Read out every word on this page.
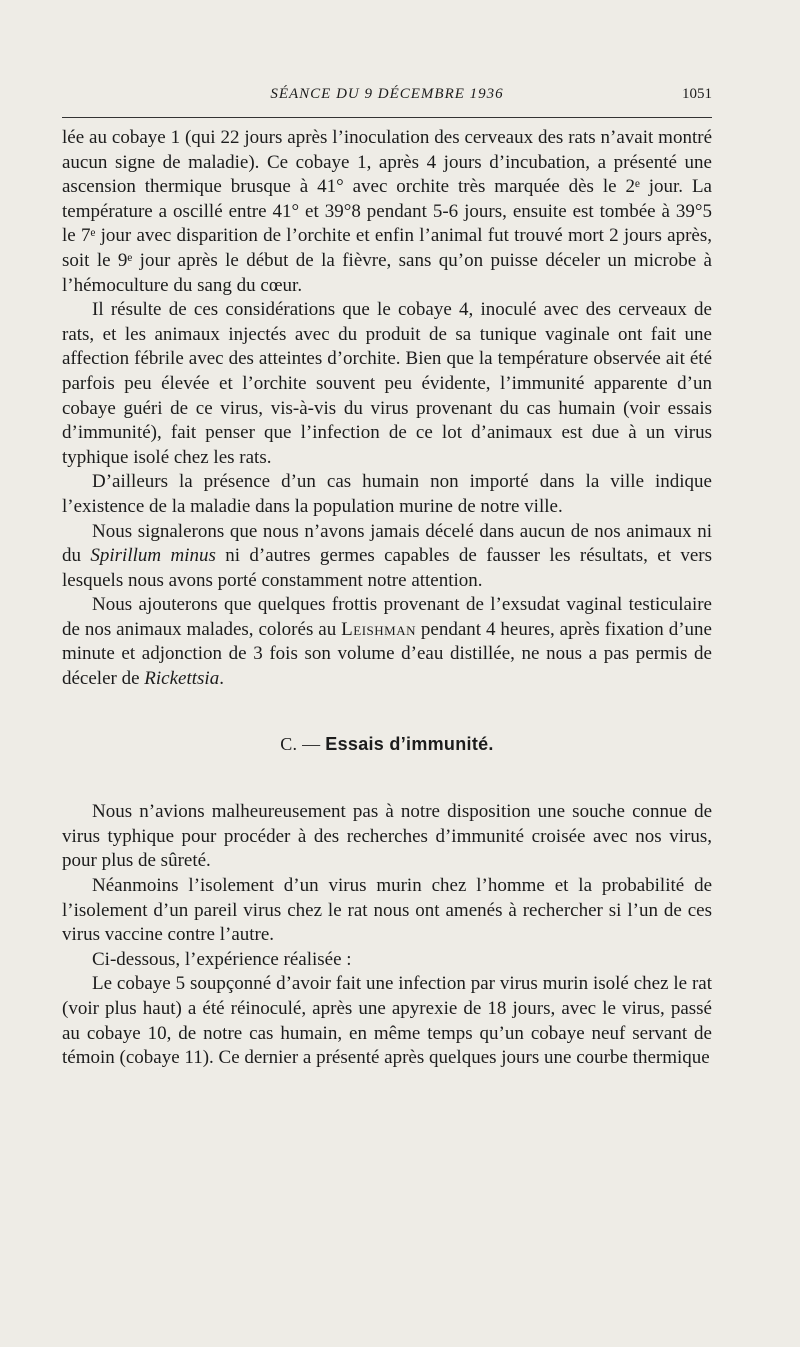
SÉANCE DU 9 DÉCEMBRE 1936	1051

lée au cobaye 1 (qui 22 jours après l’inoculation des cerveaux des rats n’avait montré aucun signe de maladie). Ce cobaye 1, après 4 jours d’incubation, a présenté une ascension thermique brusque à 41° avec orchite très marquée dès le 2ᵉ jour. La température a oscillé entre 41° et 39°8 pendant 5-6 jours, ensuite est tombée à 39°5 le 7ᵉ jour avec disparition de l’orchite et enfin l’animal fut trouvé mort 2 jours après, soit le 9ᵉ jour après le début de la fièvre, sans qu’on puisse déceler un microbe à l’hémoculture du sang du cœur.

Il résulte de ces considérations que le cobaye 4, inoculé avec des cerveaux de rats, et les animaux injectés avec du produit de sa tunique vaginale ont fait une affection fébrile avec des atteintes d’orchite. Bien que la température observée ait été parfois peu élevée et l’orchite souvent peu évidente, l’immunité apparente d’un cobaye guéri de ce virus, vis-à-vis du virus provenant du cas humain (voir essais d’immunité), fait penser que l’infection de ce lot d’animaux est due à un virus typhique isolé chez les rats.

D’ailleurs la présence d’un cas humain non importé dans la ville indique l’existence de la maladie dans la population murine de notre ville.

Nous signalerons que nous n’avons jamais décelé dans aucun de nos animaux ni du Spirillum minus ni d’autres germes capables de fausser les résultats, et vers lesquels nous avons porté constamment notre attention.

Nous ajouterons que quelques frottis provenant de l’exsudat vaginal testiculaire de nos animaux malades, colorés au Leishman pendant 4 heures, après fixation d’une minute et adjonction de 3 fois son volume d’eau distillée, ne nous a pas permis de déceler de Rickettsia.

C. — Essais d’immunité.

Nous n’avions malheureusement pas à notre disposition une souche connue de virus typhique pour procéder à des recherches d’immunité croisée avec nos virus, pour plus de sûreté.

Néanmoins l’isolement d’un virus murin chez l’homme et la probabilité de l’isolement d’un pareil virus chez le rat nous ont amenés à rechercher si l’un de ces virus vaccine contre l’autre.

Ci-dessous, l’expérience réalisée :

Le cobaye 5 soupçonné d’avoir fait une infection par virus murin isolé chez le rat (voir plus haut) a été réinoculé, après une apyrexie de 18 jours, avec le virus, passé au cobaye 10, de notre cas humain, en même temps qu’un cobaye neuf servant de témoin (cobaye 11). Ce dernier a présenté après quelques jours une courbe thermique
